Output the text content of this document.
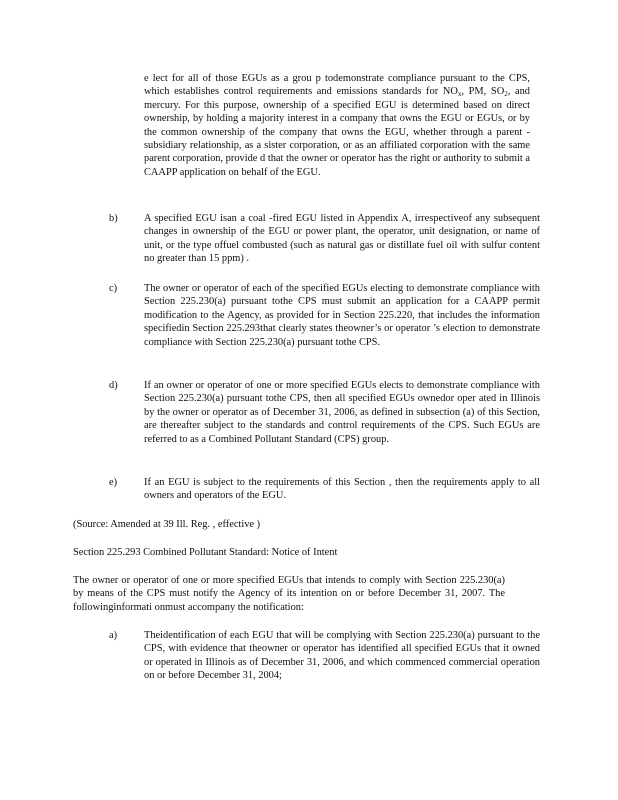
e lect for all of those EGUs as a grou p todemonstrate compliance pursuant to the CPS, which establishes control requirements and emissions standards for $NO_x$, PM, $SO_2$, and mercury. For this purpose, ownership of a specified EGU is determined based on direct ownership, by holding a majority interest in a company that owns the EGU or EGUs, or by the common ownership of the company that owns the EGU, whether through a parent - subsidiary relationship, as a sister corporation, or as an affiliated corporation with the same parent corporation, provide d that the owner or operator has the right or authority to submit a CAAPP application on behalf of the EGU.

b)	A specified EGU isan a coal -fired EGU listed in Appendix A, irrespectiveof any subsequent changes in ownership of the EGU or power plant, the operator, unit designation, or name of unit, or the type offuel combusted (such as natural gas or distillate fuel oil with sulfur content no greater than 15 ppm) .

c)	The owner or operator of each of the specified EGUs electing to demonstrate compliance with Section 225.230(a) pursuant tothe CPS must submit an application for a CAAPP permit modification to the Agency, as provided for in Section 225.220, that includes the information specifiedin Section 225.293that clearly states theowner’s or operator ’s election to demonstrate compliance with Section 225.230(a) pursuant tothe CPS.

d)	If an owner or operator of one or more specified EGUs elects to demonstrate compliance with Section 225.230(a) pursuant tothe CPS, then all specified EGUs ownedor oper ated in Illinois by the owner or operator as of December 31, 2006, as defined in subsection (a) of this Section, are thereafter subject to the standards and control requirements of the CPS. Such EGUs are referred to as a Combined Pollutant Standard (CPS) group.

e)	If an EGU is subject to the requirements of this Section , then the requirements apply to all owners and operators of the EGU.

(Source: Amended at 39 Ill. Reg. , effective )

Section 225.293 Combined Pollutant Standard: Notice of Intent

The owner or operator of one or more specified EGUs that intends to comply with Section 225.230(a) by means of the CPS must notify the Agency of its intention on or before December 31, 2007. The followinginformati onmust accompany the notification:

a)	Theidentification of each EGU that will be complying with Section 225.230(a) pursuant to the CPS, with evidence that theowner or operator has identified all specified EGUs that it owned or operated in Illinois as of December 31, 2006, and which commenced commercial operation on or before December 31, 2004;
